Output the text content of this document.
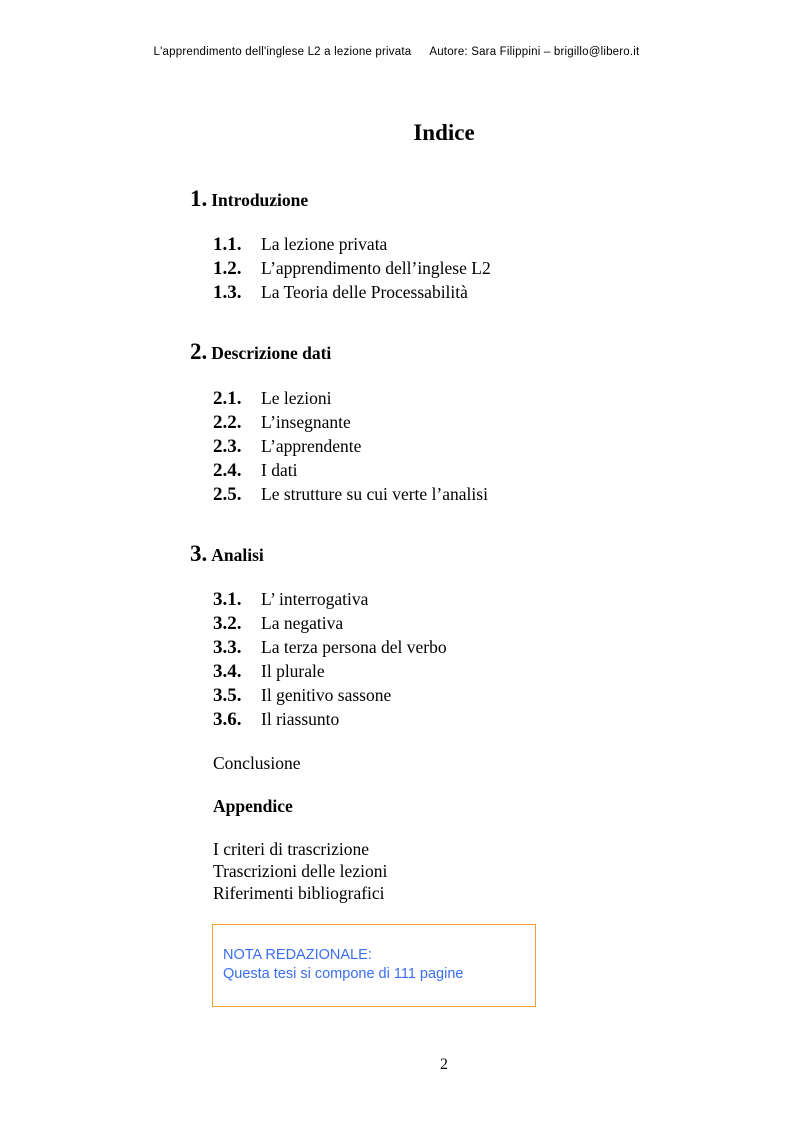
L'apprendimento dell'inglese L2 a lezione privata Autore: Sara Filippini – brigillo@libero.it
Indice
1. Introduzione
1.1. La lezione privata
1.2. L’apprendimento dell’inglese L2
1.3. La Teoria delle Processabilità
2. Descrizione dati
2.1. Le lezioni
2.2. L’insegnante
2.3. L’apprendente
2.4. I dati
2.5. Le strutture su cui verte l’analisi
3. Analisi
3.1. L’ interrogativa
3.2. La negativa
3.3. La terza persona del verbo
3.4. Il plurale
3.5. Il genitivo sassone
3.6. Il riassunto
Conclusione
Appendice
I criteri di trascrizione
Trascrizioni delle lezioni
Riferimenti bibliografici
NOTA REDAZIONALE:
Questa tesi si compone di 111 pagine
2
